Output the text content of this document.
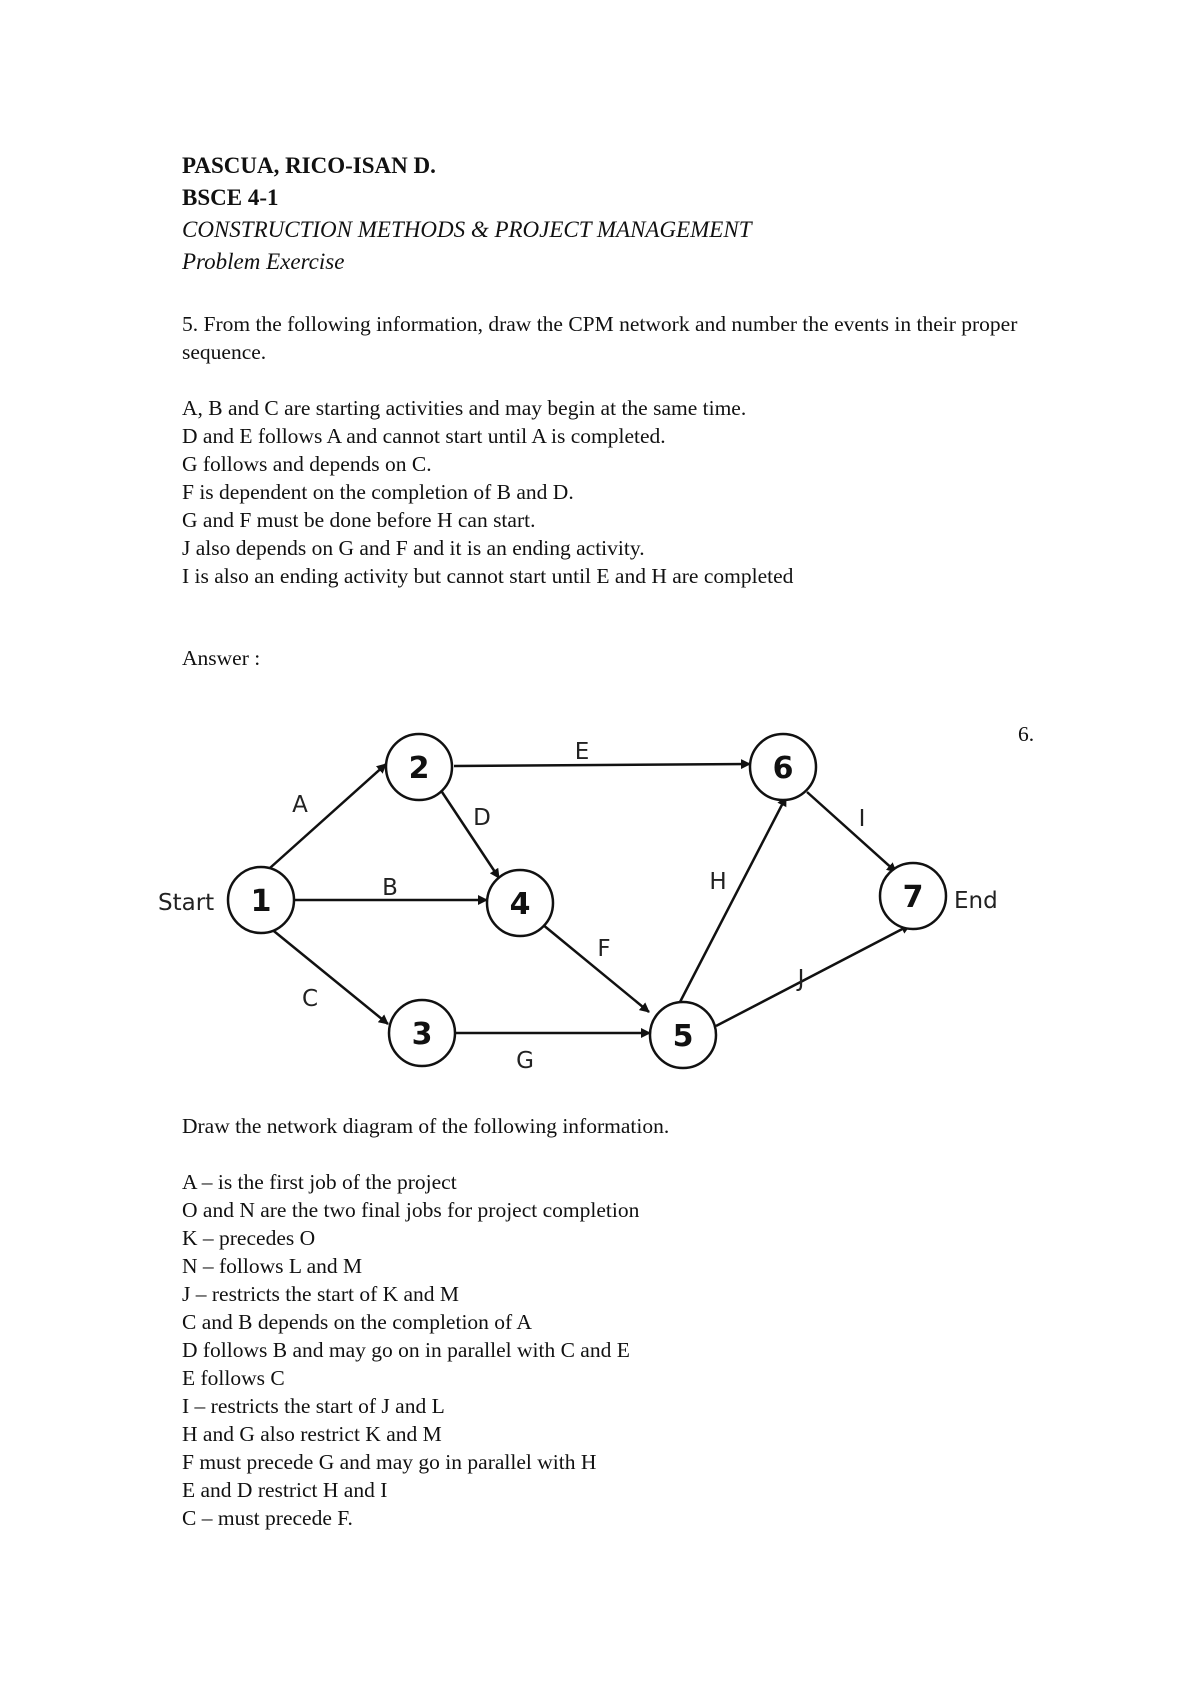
PASCUA, RICO-ISAN D.
BSCE 4-1
CONSTRUCTION METHODS & PROJECT MANAGEMENT
Problem Exercise
5. From the following information, draw the CPM network and number the events in their proper sequence.
A, B and C are starting activities and may begin at the same time.
D and E follows A and cannot start until A is completed.
G follows and depends on C.
F is dependent on the completion of B and D.
G and F must be done before H can start.
J also depends on G and F and it is an ending activity.
I is also an ending activity but cannot start until E and H are completed
Answer :
6.
1
2
3
4
5
6
7
A
B
C
D
E
F
G
H
I
J
Start	End
Draw the network diagram of the following information.
A – is the first job of the project
O and N are the two final jobs for project completion
K – precedes O
N – follows L and M
J – restricts the start of K and M
C and B depends on the completion of A
D follows B and may go on in parallel with C and E
E follows C
I – restricts the start of J and L
H and G also restrict K and M
F must precede G and may go in parallel with H
E and D restrict H and I
C – must precede F.
